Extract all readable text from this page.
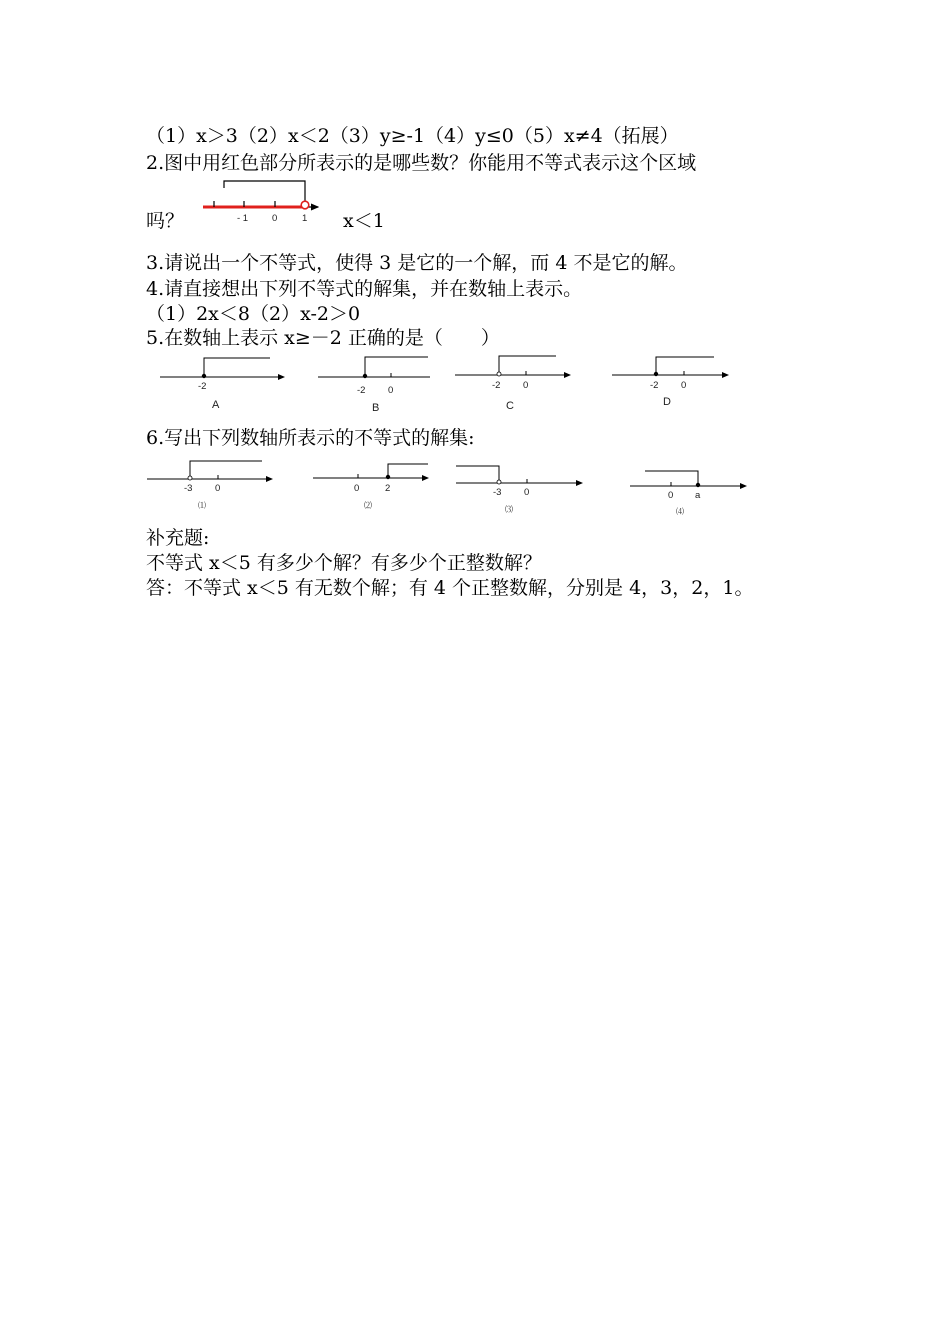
（1）x＞3（2）x＜2（3）y≥-1（4）y≤0（5）x≠4（拓展）
2.图中用红色部分所表示的是哪些数？你能用不等式表示这个区域
吗？	x＜1
3.请说出一个不等式，使得 3 是它的一个解，而 4 不是它的解。
4.请直接想出下列不等式的解集，并在数轴上表示。
（1）2x＜8（2）x-2＞0
5.在数轴上表示 x≥－2 正确的是（　　）
6.写出下列数轴所表示的不等式的解集:
补充题:
不等式 x＜5 有多少个解？有多少个正整数解？
答：不等式 x＜5 有无数个解；有 4 个正整数解，分别是 4，3，2，1。
- 1	0	1
-2
A
-2 0
B
-2 0
C
-2 0
D
-3 0
⑴
0	2
⑵
-3 0
⑶
0 a
⑷
